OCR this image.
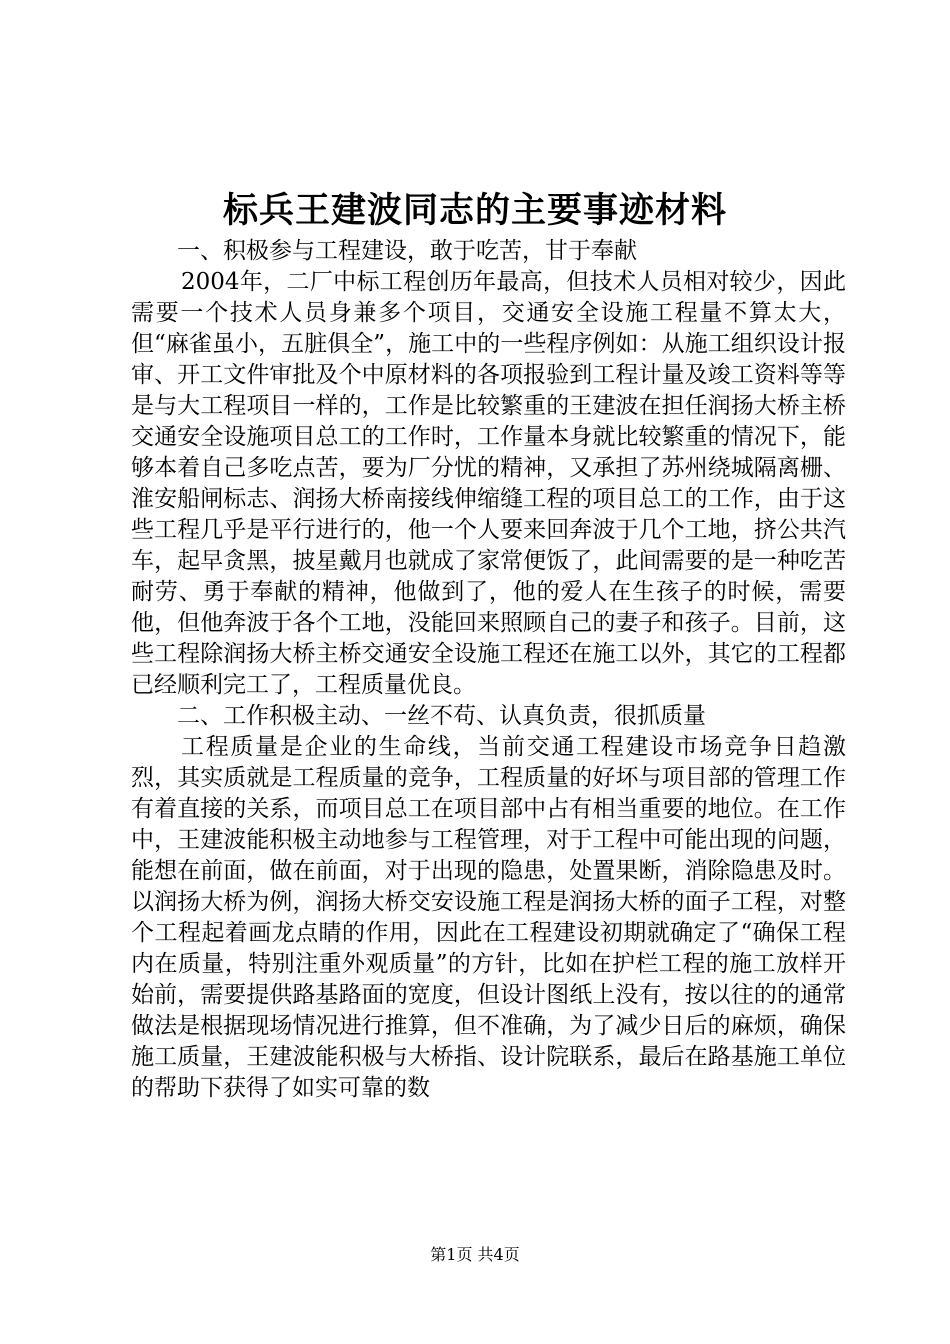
标兵王建波同志的主要事迹材料

一、积极参与工程建设，敢于吃苦，甘于奉献

2004年，二厂中标工程创历年最高，但技术人员相对较少，因此需要一个技术人员身兼多个项目，交通安全设施工程量不算太大，但“麻雀虽小，五脏俱全”，施工中的一些程序例如：从施工组织设计报审、开工文件审批及个中原材料的各项报验到工程计量及竣工资料等等是与大工程项目一样的，工作是比较繁重的王建波在担任润扬大桥主桥交通安全设施项目总工的工作时，工作量本身就比较繁重的情况下，能够本着自己多吃点苦，要为厂分忧的精神，又承担了苏州绕城隔离栅、淮安船闸标志、润扬大桥南接线伸缩缝工程的项目总工的工作，由于这些工程几乎是平行进行的，他一个人要来回奔波于几个工地，挤公共汽车，起早贪黑，披星戴月也就成了家常便饭了，此间需要的是一种吃苦耐劳、勇于奉献的精神，他做到了，他的爱人在生孩子的时候，需要他，但他奔波于各个工地，没能回来照顾自己的妻子和孩子。目前，这些工程除润扬大桥主桥交通安全设施工程还在施工以外，其它的工程都已经顺利完工了，工程质量优良。

二、工作积极主动、一丝不苟、认真负责，很抓质量

工程质量是企业的生命线，当前交通工程建设市场竞争日趋激烈，其实质就是工程质量的竞争，工程质量的好坏与项目部的管理工作有着直接的关系，而项目总工在项目部中占有相当重要的地位。在工作中，王建波能积极主动地参与工程管理，对于工程中可能出现的问题，能想在前面，做在前面，对于出现的隐患，处置果断，消除隐患及时。以润扬大桥为例，润扬大桥交安设施工程是润扬大桥的面子工程，对整个工程起着画龙点睛的作用，因此在工程建设初期就确定了“确保工程内在质量，特别注重外观质量”的方针，比如在护栏工程的施工放样开始前，需要提供路基路面的宽度，但设计图纸上没有，按以往的的通常做法是根据现场情况进行推算，但不准确，为了减少日后的麻烦，确保施工质量，王建波能积极与大桥指、设计院联系，最后在路基施工单位的帮助下获得了如实可靠的数

第1页 共4页
